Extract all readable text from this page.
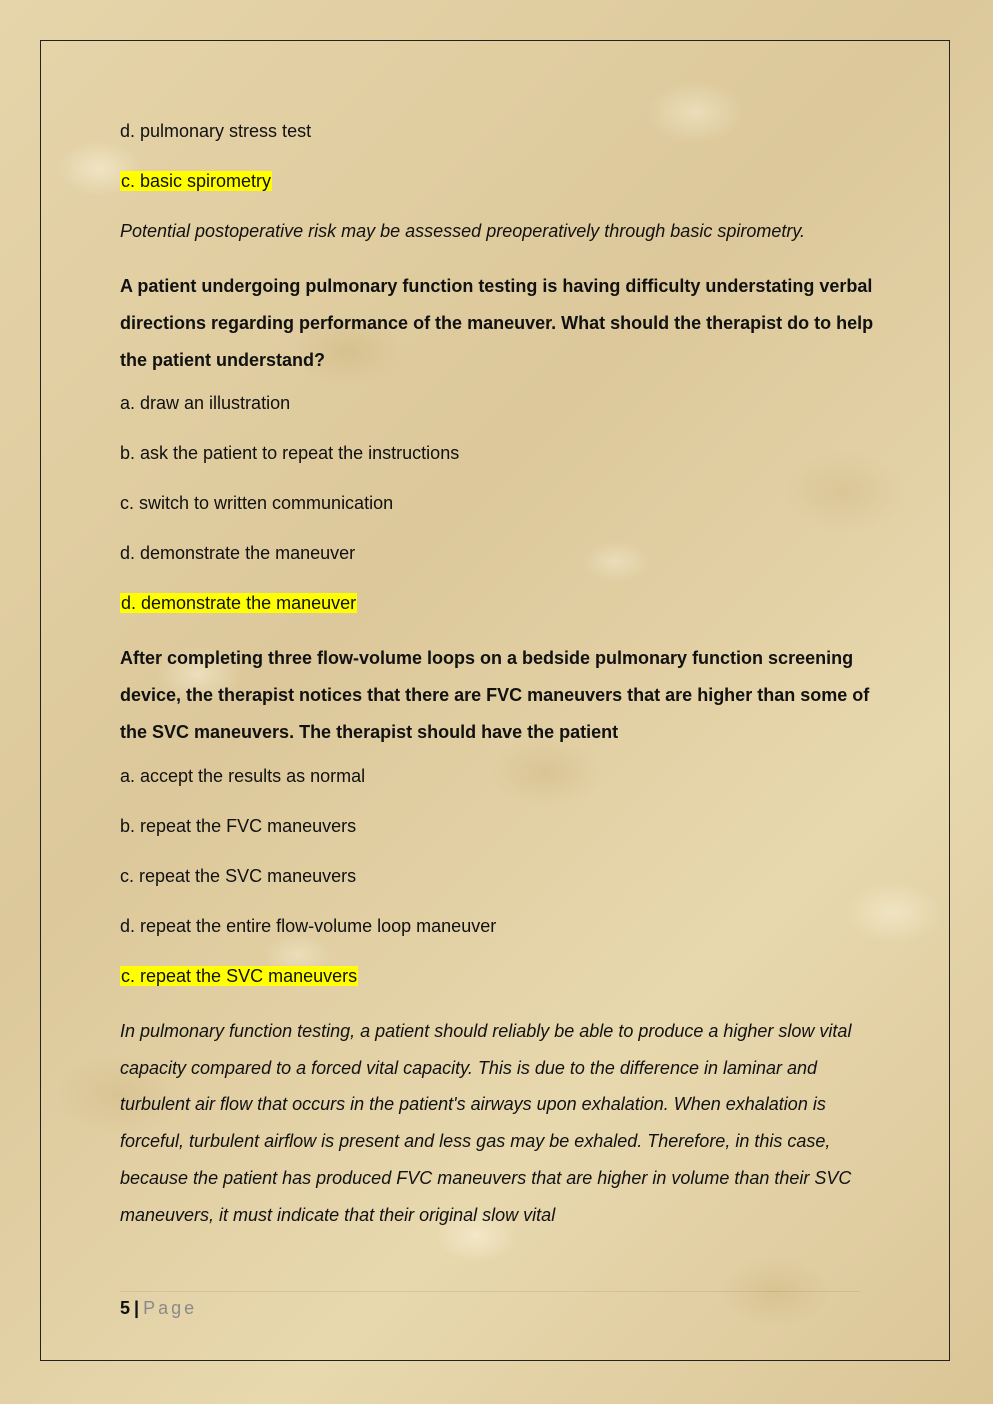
d. pulmonary stress test

c. basic spirometry

Potential postoperative risk may be assessed preoperatively through basic spirometry.

A patient undergoing pulmonary function testing is having difficulty understating verbal directions regarding performance of the maneuver. What should the therapist do to help the patient understand?

a. draw an illustration

b. ask the patient to repeat the instructions

c. switch to written communication

d. demonstrate the maneuver

d. demonstrate the maneuver

After completing three flow-volume loops on a bedside pulmonary function screening device, the therapist notices that there are FVC maneuvers that are higher than some of the SVC maneuvers. The therapist should have the patient

a. accept the results as normal

b. repeat the FVC maneuvers

c. repeat the SVC maneuvers

d. repeat the entire flow-volume loop maneuver

c. repeat the SVC maneuvers

In pulmonary function testing, a patient should reliably be able to produce a higher slow vital capacity compared to a forced vital capacity. This is due to the difference in laminar and turbulent air flow that occurs in the patient's airways upon exhalation. When exhalation is forceful, turbulent airflow is present and less gas may be exhaled. Therefore, in this case, because the patient has produced FVC maneuvers that are higher in volume than their SVC maneuvers, it must indicate that their original slow vital

5 | Page
